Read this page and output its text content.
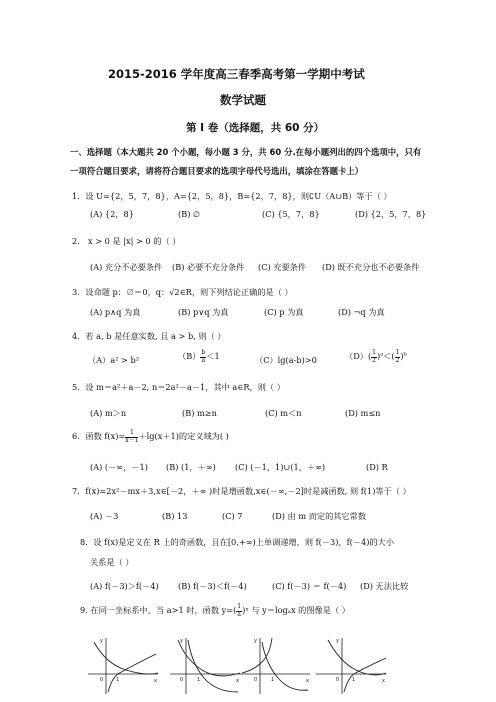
2015-2016 学年度高三春季高考第一学期中考试
数学试题
第 I 卷（选择题，共 60 分）
一、选择题（本大题共 20 个小题，每小题 3 分，共 60 分.在每小题列出的四个选项中，只有
一项符合题目要求，请将符合题目要求的选项字母代号选出，填涂在答题卡上）
1．设 U={2，5，7，8}，A={2，5，8}，B={2，7，8}，则∁U（A∪B）等于（ ）
(A) {2，8}	(B) ∅	(C) {5，7，8}	(D) {2，5，7，8}
2． x > 0 是 |x| > 0 的（ ）
(A) 充分不必要条件 (B) 必要不充分条件 (C) 充要条件 (D) 既不充分也不必要条件
3．设命题 p：∅＝0，q：√2∈R，则下列结论正确的是（ ）
(A) p∧q 为真	(B) p∨q 为真	(C) p 为真	(D) ¬q 为真
4．若 a, b 是任意实数, 且 a > b, 则（ ）
（A）a² > b²	$(B) \frac{b}{a} <1$	（C）lg(a-b)>0	$(D)( \frac{1}{2} )^a<( \frac{1}{2} )^b$
5．设 m＝a²＋a－2, n＝2a²－a－1，其中 a∈R，则（ ）
(A) m＞n	(B) m≥n	(C) m＜n	(D) m≤n
6．函数 $f(x)= \frac{1}{x-1} +\lg(x+1)$的定义域为( )
(A) (－∞，－1) (B) (1，＋∞) (C) (－1，1)∪(1，＋∞)	(D) R
7．f(x)=2x²－mx＋3,x∈[－2，＋∞ )时是增函数,x∈(－∞,－2]时是减函数, 则 f(1)等于（ ）
(A) －3	(B) 13	(C) 7	(D) 由 m 而定的其它常数
8．设 f(x)是定义在 R 上的奇函数，且在[0,+∞)上单调递增，则 f(－3)，f(－4)的大小
关系是（ ）
(A) f(－3)＞f(－4) (B) f(－3)＜f(－4)	(C) f(－3) ＝ f(－4) (D) 无法比较
9. 在同一坐标系中，当 a>1 时，函数 $y=( \frac{1}{a}$ )ˣ 与 y＝logₐx 的图像是（ ）
y
x
0	1
y
x
0	1
y
x
0	1
y
x
0	1
